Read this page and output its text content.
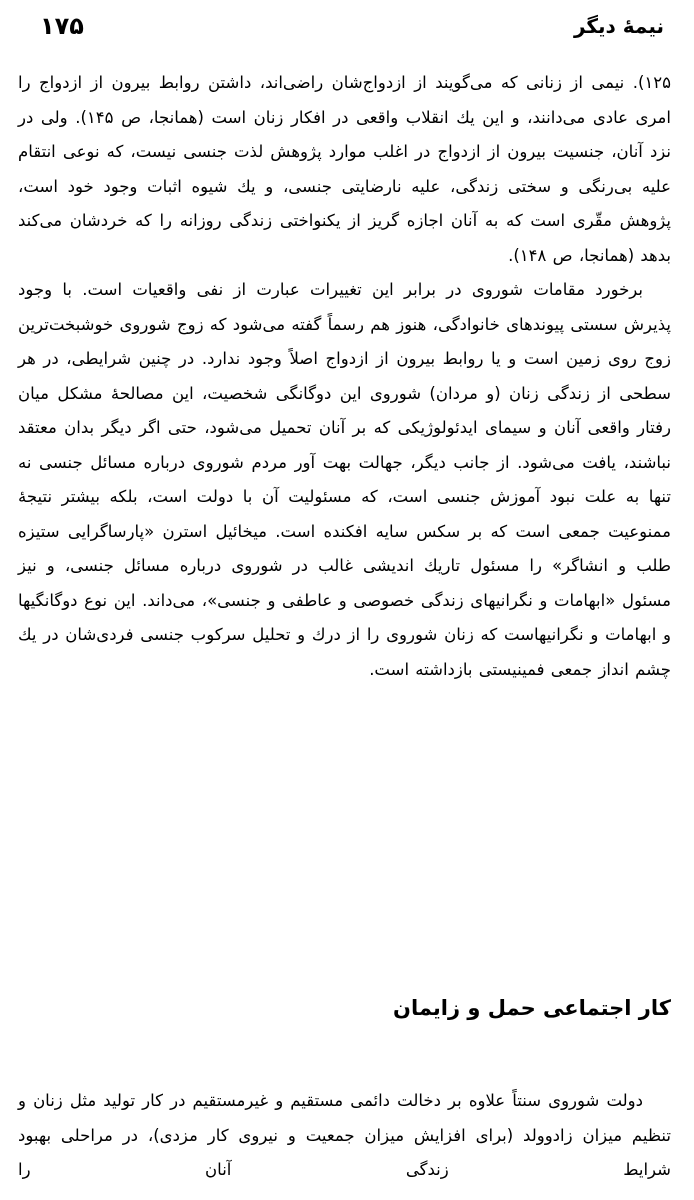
۱۷۵	نیمهٔ دیگر

۱۲۵). نیمی از زنانی که می‌گویند از ازدواج‌شان راضی‌اند، داشتن روابط بیرون از ازدواج را امری عادی می‌دانند، و این یك انقلاب واقعی در افکار زنان است (همانجا، ص ۱۴۵). ولی در نزد آنان، جنسیت بیرون از ازدواج در اغلب موارد پژوهش لذت جنسی نیست، که نوعی انتقام علیه بی‌رنگی و سختی زندگی، علیه نارضایتی جنسی، و یك شیوه اثبات وجود خود است، پژوهش مقّری است که به آنان اجازه گریز از یکنواختی زندگی روزانه را که خردشان می‌کند بدهد (همانجا، ص ۱۴۸).

برخورد مقامات شوروی در برابر این تغییرات عبارت از نفی واقعیات است. با وجود پذیرش سستی پیوندهای خانوادگی، هنوز هم رسماً گفته می‌شود که زوج شوروی خوشبخت‌ترین زوج روی زمین است و یا روابط بیرون از ازدواج اصلاً وجود ندارد. در چنین شرایطی، در هر سطحی از زندگی زنان (و مردان) شوروی این دوگانگی شخصیت، این مصالحهٔ مشکل میان رفتار واقعی آنان و سیمای ایدئولوژیکی که بر آنان تحمیل می‌شود، حتی اگر دیگر بدان معتقد نباشند، یافت می‌شود. از جانب دیگر، جهالت بهت آور مردم شوروی درباره مسائل جنسی نه تنها به علت نبود آموزش جنسی است، که مسئولیت آن با دولت است، بلکه بیشتر نتیجهٔ ممنوعیت جمعی است که بر سکس سایه افکنده است. میخائیل استرن «پارساگرایی ستیزه طلب و انشاگر» را مسئول تاریك اندیشی غالب در شوروی درباره مسائل جنسی، و نیز مسئول «ابهامات و نگرانیهای زندگی خصوصی و عاطفی و جنسی»، می‌داند. این نوع دوگانگیها و ابهامات و نگرانیهاست که زنان شوروی را از درك و تحلیل سرکوب جنسی فردی‌شان در یك چشم انداز جمعی فمینیستی بازداشته است.

کار اجتماعی حمل و زایمان

دولت شوروی سنتاً علاوه بر دخالت دائمی مستقیم و غیرمستقیم در کار تولید مثل زنان و تنظیم میزان زادوولد (برای افزایش میزان جمعیت و نیروی کار مزدی)، در مراحلی بهبود شرایط زندگی آنان را
